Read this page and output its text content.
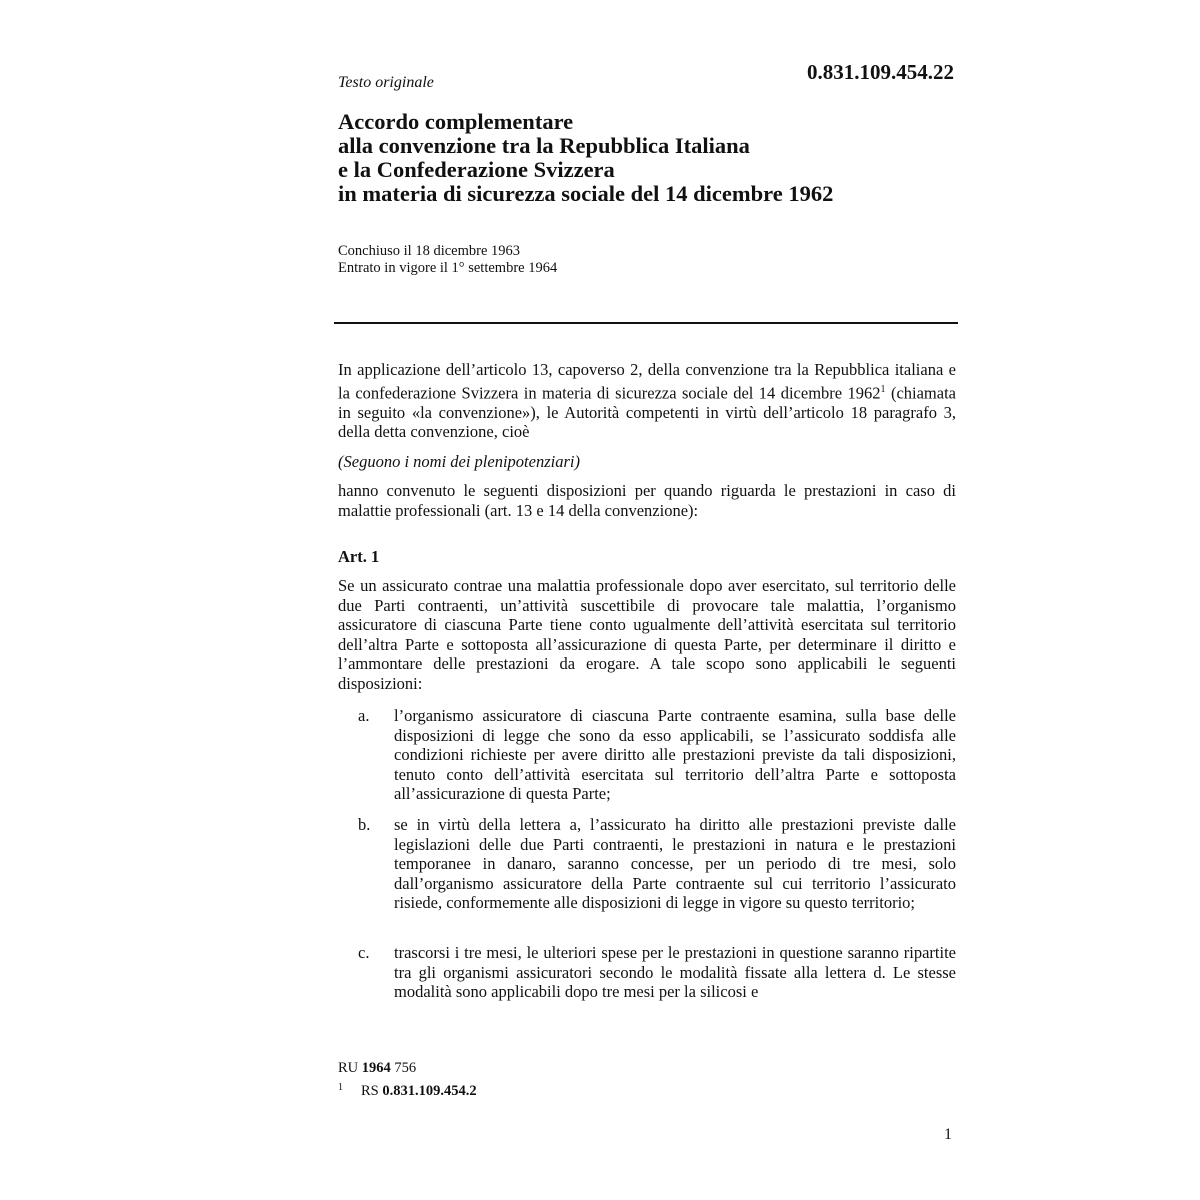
Testo originale	0.831.109.454.22
Accordo complementare
alla convenzione tra la Repubblica Italiana
e la Confederazione Svizzera
in materia di sicurezza sociale del 14 dicembre 1962
Conchiuso il 18 dicembre 1963
Entrato in vigore il 1° settembre 1964
In applicazione dell’articolo 13, capoverso 2, della convenzione tra la Repubblica italiana e la confederazione Svizzera in materia di sicurezza sociale del 14 dicembre 1962$^1$ (chiamata in seguito «la convenzione»), le Autorità competenti in virtù dell’articolo 18 paragrafo 3, della detta convenzione, cioè
(Seguono i nomi dei plenipotenziari)
hanno convenuto le seguenti disposizioni per quando riguarda le prestazioni in caso di malattie professionali (art. 13 e 14 della convenzione):
Art. 1
Se un assicurato contrae una malattia professionale dopo aver esercitato, sul territorio delle due Parti contraenti, un’attività suscettibile di provocare tale malattia, l’organismo assicuratore di ciascuna Parte tiene conto ugualmente dell’attività esercitata sul territorio dell’altra Parte e sottoposta all’assicurazione di questa Parte, per determinare il diritto e l’ammontare delle prestazioni da erogare. A tale scopo sono applicabili le seguenti disposizioni:
a. l’organismo assicuratore di ciascuna Parte contraente esamina, sulla base delle disposizioni di legge che sono da esso applicabili, se l’assicurato soddisfa alle condizioni richieste per avere diritto alle prestazioni previste da tali disposizioni, tenuto conto dell’attività esercitata sul territorio dell’altra Parte e sottoposta all’assicurazione di questa Parte;
b. se in virtù della lettera a, l’assicurato ha diritto alle prestazioni previste dalle legislazioni delle due Parti contraenti, le prestazioni in natura e le prestazioni temporanee in danaro, saranno concesse, per un periodo di tre mesi, solo dall’organismo assicuratore della Parte contraente sul cui territorio l’assicurato risiede, conformemente alle disposizioni di legge in vigore su questo territorio;
c. trascorsi i tre mesi, le ulteriori spese per le prestazioni in questione saranno ripartite tra gli organismi assicuratori secondo le modalità fissate alla lettera d. Le stesse modalità sono applicabili dopo tre mesi per la silicosi e
RU 1964 756
$^1$ RS 0.831.109.454.2
1
